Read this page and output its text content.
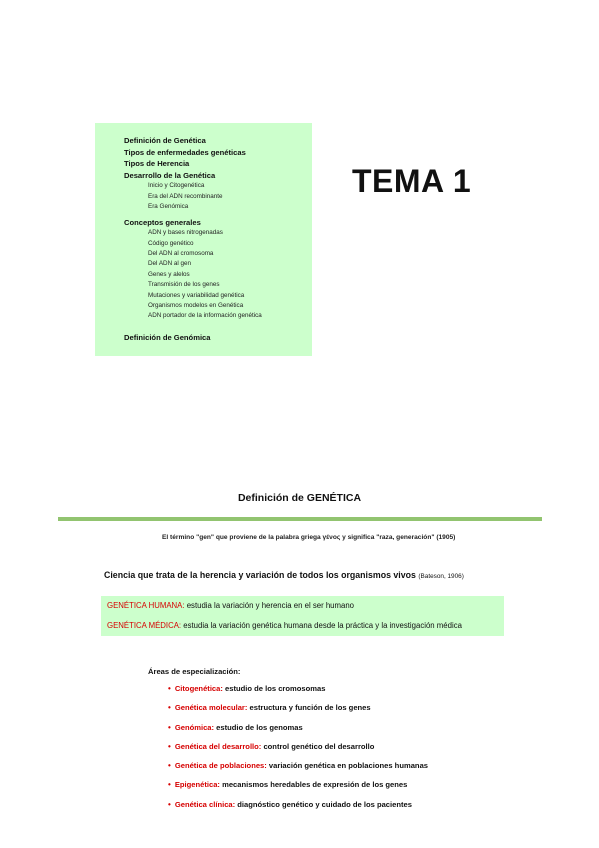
Definición de Genética
Tipos de enfermedades genéticas
Tipos de Herencia
Desarrollo de la Genética
Inicio y Citogenética
Era del ADN recombinante
Era Genómica
Conceptos generales
ADN y bases nitrogenadas
Código genético
Del ADN al cromosoma
Del ADN al gen
Genes y alelos
Transmisión de los genes
Mutaciones y variabilidad genética
Organismos modelos en Genética
ADN portador de la información genética
Definición de Genómica
TEMA 1
Definición de GENÉTICA
El término "gen" que proviene de la palabra griega γένος y significa "raza, generación" (1905)
Ciencia que trata de la herencia y variación de todos los organismos vivos (Bateson, 1906)
GENÉTICA HUMANA: estudia la variación y herencia en el ser humano
GENÉTICA MÉDICA: estudia la variación genética humana desde la práctica y la investigación médica
Áreas de especialización:
• Citogenética: estudio de los cromosomas
• Genética molecular: estructura y función de los genes
• Genómica: estudio de los genomas
• Genética del desarrollo: control genético del desarrollo
• Genética de poblaciones: variación genética en poblaciones humanas
• Epigenética: mecanismos heredables de expresión de los genes
• Genética clínica: diagnóstico genético y cuidado de los pacientes
